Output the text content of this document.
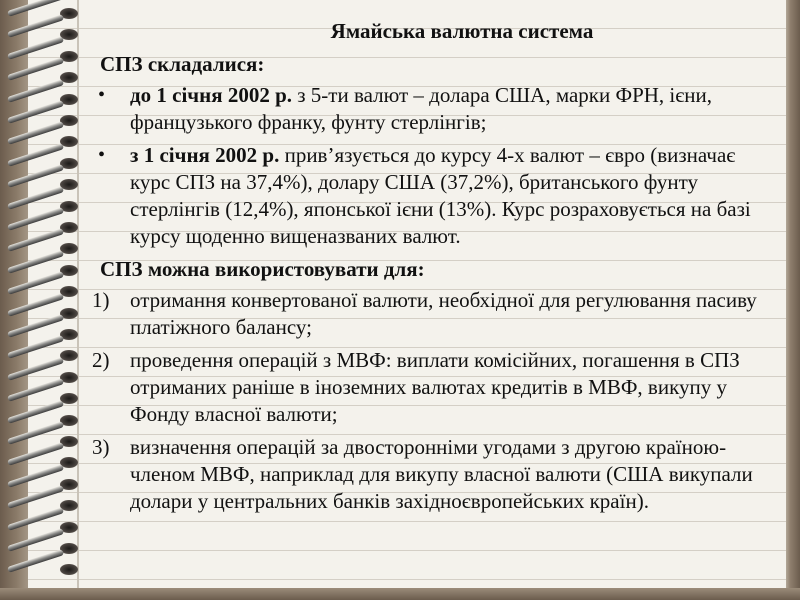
Ямайська валютна система
СПЗ складалися:
• до 1 січня 2002 р. з 5-ти валют – долара США, марки ФРН, ієни, французького франку, фунту стерлінгів;
• з 1 січня 2002 р. прив’язується до курсу 4-х валют – євро (визначає курс СПЗ на 37,4%), долару США (37,2%), британського фунту стерлінгів (12,4%), японської ієни (13%). Курс розраховується на базі курсу щоденно вищеназваних валют.
СПЗ можна використовувати для:
1) отримання конвертованої валюти, необхідної для регулювання пасиву платіжного балансу;
2) проведення операцій з МВФ: виплати комісійних, погашення в СПЗ отриманих раніше в іноземних валютах кредитів в МВФ, викупу у Фонду власної валюти;
3) визначення операцій за двосторонніми угодами з другою країною-членом МВФ, наприклад для викупу власної валюти (США викупали долари у центральних банків західноєвропейських країн).
